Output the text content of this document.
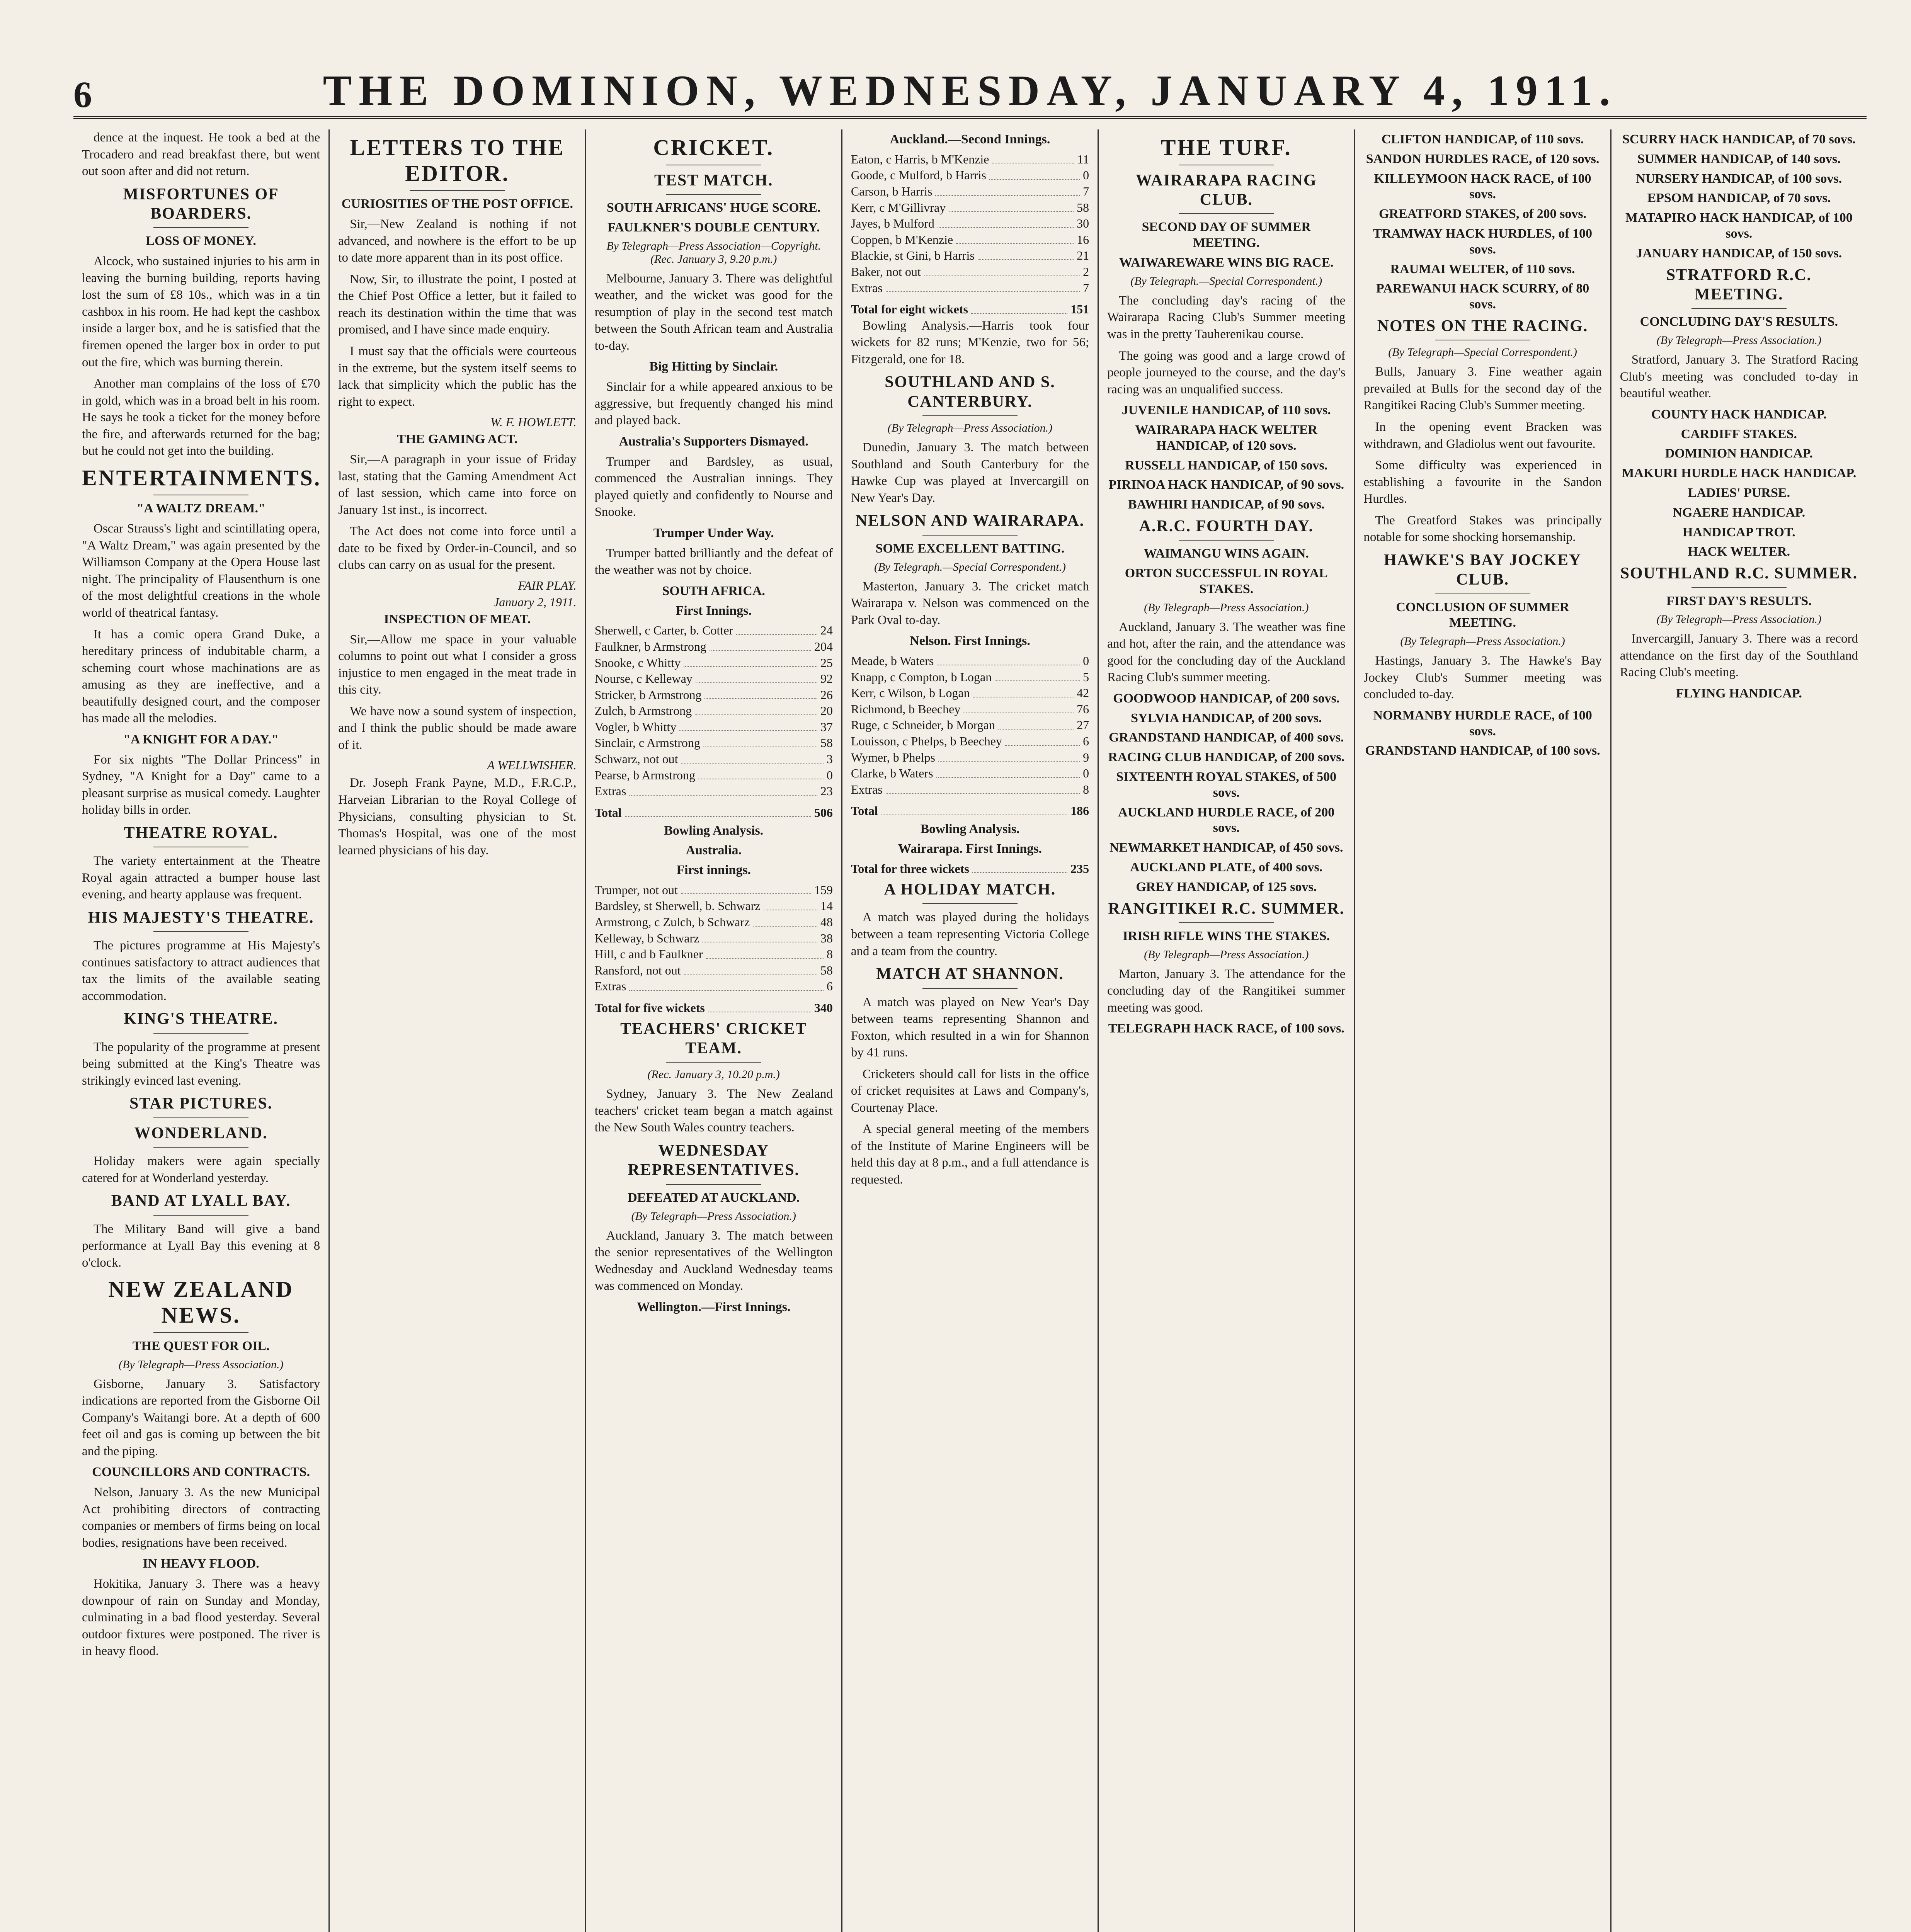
6	THE DOMINION, WEDNESDAY, JANUARY 4, 1911.
dence at the inquest. He took a bed at the Trocadero and read breakfast there, but went out soon after and did not return.
MISFORTUNES OF BOARDERS.
LOSS OF MONEY.
Alcock, who sustained injuries to his arm in leaving the burning building, reports having lost the sum of £8 10s., which was in a tin cashbox in his room. He had kept the cashbox inside a larger box, and he is satisfied that the firemen opened the larger box in order to put out the fire, which was burning therein.
Another man complains of the loss of £70 in gold, which was in a broad belt in his room. He says he took a ticket for the money before the fire, and afterwards returned for the bag; but he could not get into the building.
ENTERTAINMENTS.
"A WALTZ DREAM."
Oscar Strauss's light and scintillating opera, "A Waltz Dream," was again presented by the Williamson Company at the Opera House last night. The principality of Flausenthurn is one of the most delightful creations in the whole world of theatrical fantasy.
It has a comic opera Grand Duke, a hereditary princess of indubitable charm, a scheming court whose machinations are as amusing as they are ineffective, and a beautifully designed court, and the composer has made all the melodies.
"A KNIGHT FOR A DAY."
For six nights "The Dollar Princess" in Sydney, "A Knight for a Day" came to a pleasant surprise as musical comedy. Laughter holiday bills in order.
THEATRE ROYAL.
The variety entertainment at the Theatre Royal again attracted a bumper house last evening, and hearty applause was frequent.
HIS MAJESTY'S THEATRE.
The pictures programme at His Majesty's continues satisfactory to attract audiences that tax the limits of the available seating accommodation.
KING'S THEATRE.
The popularity of the programme at present being submitted at the King's Theatre was strikingly evinced last evening.
STAR PICTURES.
WONDERLAND.
Holiday makers were again specially catered for at Wonderland yesterday.
BAND AT LYALL BAY.
The Military Band will give a band performance at Lyall Bay this evening at 8 o'clock.
NEW ZEALAND NEWS.
THE QUEST FOR OIL.
(By Telegraph—Press Association.)
Gisborne, January 3. Satisfactory indications are reported from the Gisborne Oil Company's Waitangi bore. At a depth of 600 feet oil and gas is coming up between the bit and the piping.
COUNCILLORS AND CONTRACTS.
Nelson, January 3. As the new Municipal Act prohibiting directors of contracting companies or members of firms being on local bodies, resignations have been received.
IN HEAVY FLOOD.
Hokitika, January 3. There was a heavy downpour of rain on Sunday and Monday, culminating in a bad flood yesterday. Several outdoor fixtures were postponed. The river is in heavy flood.
LETTERS TO THE EDITOR.
CURIOSITIES OF THE POST OFFICE.
Sir,—New Zealand is nothing if not advanced, and nowhere is the effort to be up to date more apparent than in its post office.
Now, Sir, to illustrate the point, I posted at the Chief Post Office a letter, but it failed to reach its destination within the time that was promised, and I have since made enquiry.
I must say that the officials were courteous in the extreme, but the system itself seems to lack that simplicity which the public has the right to expect.
W. F. HOWLETT.
THE GAMING ACT.
Sir,—A paragraph in your issue of Friday last, stating that the Gaming Amendment Act of last session, which came into force on January 1st inst., is incorrect.
The Act does not come into force until a date to be fixed by Order-in-Council, and so clubs can carry on as usual for the present.
FAIR PLAY.
January 2, 1911.
INSPECTION OF MEAT.
Sir,—Allow me space in your valuable columns to point out what I consider a gross injustice to men engaged in the meat trade in this city.
We have now a sound system of inspection, and I think the public should be made aware of it.
A WELLWISHER.
Dr. Joseph Frank Payne, M.D., F.R.C.P., Harveian Librarian to the Royal College of Physicians, consulting physician to St. Thomas's Hospital, was one of the most learned physicians of his day.
CRICKET.
TEST MATCH.
SOUTH AFRICANS' HUGE SCORE.
FAULKNER'S DOUBLE CENTURY.
By Telegraph—Press Association—Copyright. (Rec. January 3, 9.20 p.m.)
Melbourne, January 3. There was delightful weather, and the wicket was good for the resumption of play in the second test match between the South African team and Australia to-day.
Big Hitting by Sinclair.
Sinclair for a while appeared anxious to be aggressive, but frequently changed his mind and played back.
Australia's Supporters Dismayed.
Trumper and Bardsley, as usual, commenced the Australian innings. They played quietly and confidently to Nourse and Snooke.
Trumper Under Way.
Trumper batted brilliantly and the defeat of the weather was not by choice.
SOUTH AFRICA.
First Innings.
Sherwell, c Carter, b. Cotter	24
Faulkner, b Armstrong	204
Snooke, c Whitty	25
Nourse, c Kelleway	92
Stricker, b Armstrong	26
Zulch, b Armstrong	20
Vogler, b Whitty	37
Sinclair, c Armstrong	58
Schwarz, not out	3
Pearse, b Armstrong	0
Extras	23
Total	506
Bowling Analysis.
Australia.
First innings.
Trumper, not out	159
Bardsley, st Sherwell, b. Schwarz	14
Armstrong, c Zulch, b Schwarz	48
Kelleway, b Schwarz	38
Hill, c and b Faulkner	8
Ransford, not out	58
Extras	6
Total for five wickets	340
TEACHERS' CRICKET TEAM.
(Rec. January 3, 10.20 p.m.)
Sydney, January 3. The New Zealand teachers' cricket team began a match against the New South Wales country teachers.
WEDNESDAY REPRESENTATIVES.
DEFEATED AT AUCKLAND.
(By Telegraph—Press Association.)
Auckland, January 3. The match between the senior representatives of the Wellington Wednesday and Auckland Wednesday teams was commenced on Monday.
Wellington.—First Innings.
Auckland.—Second Innings.
Eaton, c Harris, b M'Kenzie	11
Goode, c Mulford, b Harris	0
Carson, b Harris	7
Kerr, c M'Gillivray	58
Jayes, b Mulford	30
Coppen, b M'Kenzie	16
Blackie, st Gini, b Harris	21
Baker, not out	2
Extras	7
Total for eight wickets	151
Bowling Analysis.—Harris took four wickets for 82 runs; M'Kenzie, two for 56; Fitzgerald, one for 18.
SOUTHLAND AND S. CANTERBURY.
(By Telegraph—Press Association.)
Dunedin, January 3. The match between Southland and South Canterbury for the Hawke Cup was played at Invercargill on New Year's Day.
NELSON AND WAIRARAPA.
SOME EXCELLENT BATTING.
(By Telegraph.—Special Correspondent.)
Masterton, January 3. The cricket match Wairarapa v. Nelson was commenced on the Park Oval to-day.
Nelson. First Innings.
Meade, b Waters	0
Knapp, c Compton, b Logan	5
Kerr, c Wilson, b Logan	42
Richmond, b Beechey	76
Ruge, c Schneider, b Morgan	27
Louisson, c Phelps, b Beechey	6
Wymer, b Phelps	9
Clarke, b Waters	0
Extras	8
Total	186
Bowling Analysis.
Wairarapa. First Innings.
Total for three wickets	235
A HOLIDAY MATCH.
A match was played during the holidays between a team representing Victoria College and a team from the country.
MATCH AT SHANNON.
A match was played on New Year's Day between teams representing Shannon and Foxton, which resulted in a win for Shannon by 41 runs.
Cricketers should call for lists in the office of cricket requisites at Laws and Company's, Courtenay Place.
A special general meeting of the members of the Institute of Marine Engineers will be held this day at 8 p.m., and a full attendance is requested.
THE TURF.
WAIRARAPA RACING CLUB.
SECOND DAY OF SUMMER MEETING.
WAIWAREWARE WINS BIG RACE.
(By Telegraph.—Special Correspondent.)
The concluding day's racing of the Wairarapa Racing Club's Summer meeting was in the pretty Tauherenikau course.
The going was good and a large crowd of people journeyed to the course, and the day's racing was an unqualified success.
JUVENILE HANDICAP, of 110 sovs.
WAIRARAPA HACK WELTER HANDICAP, of 120 sovs.
RUSSELL HANDICAP, of 150 sovs.
PIRINOA HACK HANDICAP, of 90 sovs.
BAWHIRI HANDICAP, of 90 sovs.
A.R.C. FOURTH DAY.
WAIMANGU WINS AGAIN.
ORTON SUCCESSFUL IN ROYAL STAKES.
(By Telegraph—Press Association.)
Auckland, January 3. The weather was fine and hot, after the rain, and the attendance was good for the concluding day of the Auckland Racing Club's summer meeting.
GOODWOOD HANDICAP, of 200 sovs.
SYLVIA HANDICAP, of 200 sovs.
GRANDSTAND HANDICAP, of 400 sovs.
RACING CLUB HANDICAP, of 200 sovs.
SIXTEENTH ROYAL STAKES, of 500 sovs.
AUCKLAND HURDLE RACE, of 200 sovs.
NEWMARKET HANDICAP, of 450 sovs.
AUCKLAND PLATE, of 400 sovs.
GREY HANDICAP, of 125 sovs.
RANGITIKEI R.C. SUMMER.
IRISH RIFLE WINS THE STAKES.
(By Telegraph—Press Association.)
Marton, January 3. The attendance for the concluding day of the Rangitikei summer meeting was good.
TELEGRAPH HACK RACE, of 100 sovs.
CLIFTON HANDICAP, of 110 sovs.
SANDON HURDLES RACE, of 120 sovs.
KILLEYMOON HACK RACE, of 100 sovs.
GREATFORD STAKES, of 200 sovs.
TRAMWAY HACK HURDLES, of 100 sovs.
RAUMAI WELTER, of 110 sovs.
PAREWANUI HACK SCURRY, of 80 sovs.
NOTES ON THE RACING.
(By Telegraph—Special Correspondent.)
Bulls, January 3. Fine weather again prevailed at Bulls for the second day of the Rangitikei Racing Club's Summer meeting.
In the opening event Bracken was withdrawn, and Gladiolus went out favourite.
Some difficulty was experienced in establishing a favourite in the Sandon Hurdles.
The Greatford Stakes was principally notable for some shocking horsemanship.
HAWKE'S BAY JOCKEY CLUB.
CONCLUSION OF SUMMER MEETING.
(By Telegraph—Press Association.)
Hastings, January 3. The Hawke's Bay Jockey Club's Summer meeting was concluded to-day.
NORMANBY HURDLE RACE, of 100 sovs.
GRANDSTAND HANDICAP, of 100 sovs.
SCURRY HACK HANDICAP, of 70 sovs.
SUMMER HANDICAP, of 140 sovs.
NURSERY HANDICAP, of 100 sovs.
EPSOM HANDICAP, of 70 sovs.
MATAPIRO HACK HANDICAP, of 100 sovs.
JANUARY HANDICAP, of 150 sovs.
STRATFORD R.C. MEETING.
CONCLUDING DAY'S RESULTS.
(By Telegraph—Press Association.)
Stratford, January 3. The Stratford Racing Club's meeting was concluded to-day in beautiful weather.
COUNTY HACK HANDICAP.
CARDIFF STAKES.
DOMINION HANDICAP.
MAKURI HURDLE HACK HANDICAP.
LADIES' PURSE.
NGAERE HANDICAP.
HANDICAP TROT.
HACK WELTER.
SOUTHLAND R.C. SUMMER.
FIRST DAY'S RESULTS.
(By Telegraph—Press Association.)
Invercargill, January 3. There was a record attendance on the first day of the Southland Racing Club's meeting.
FLYING HANDICAP.
